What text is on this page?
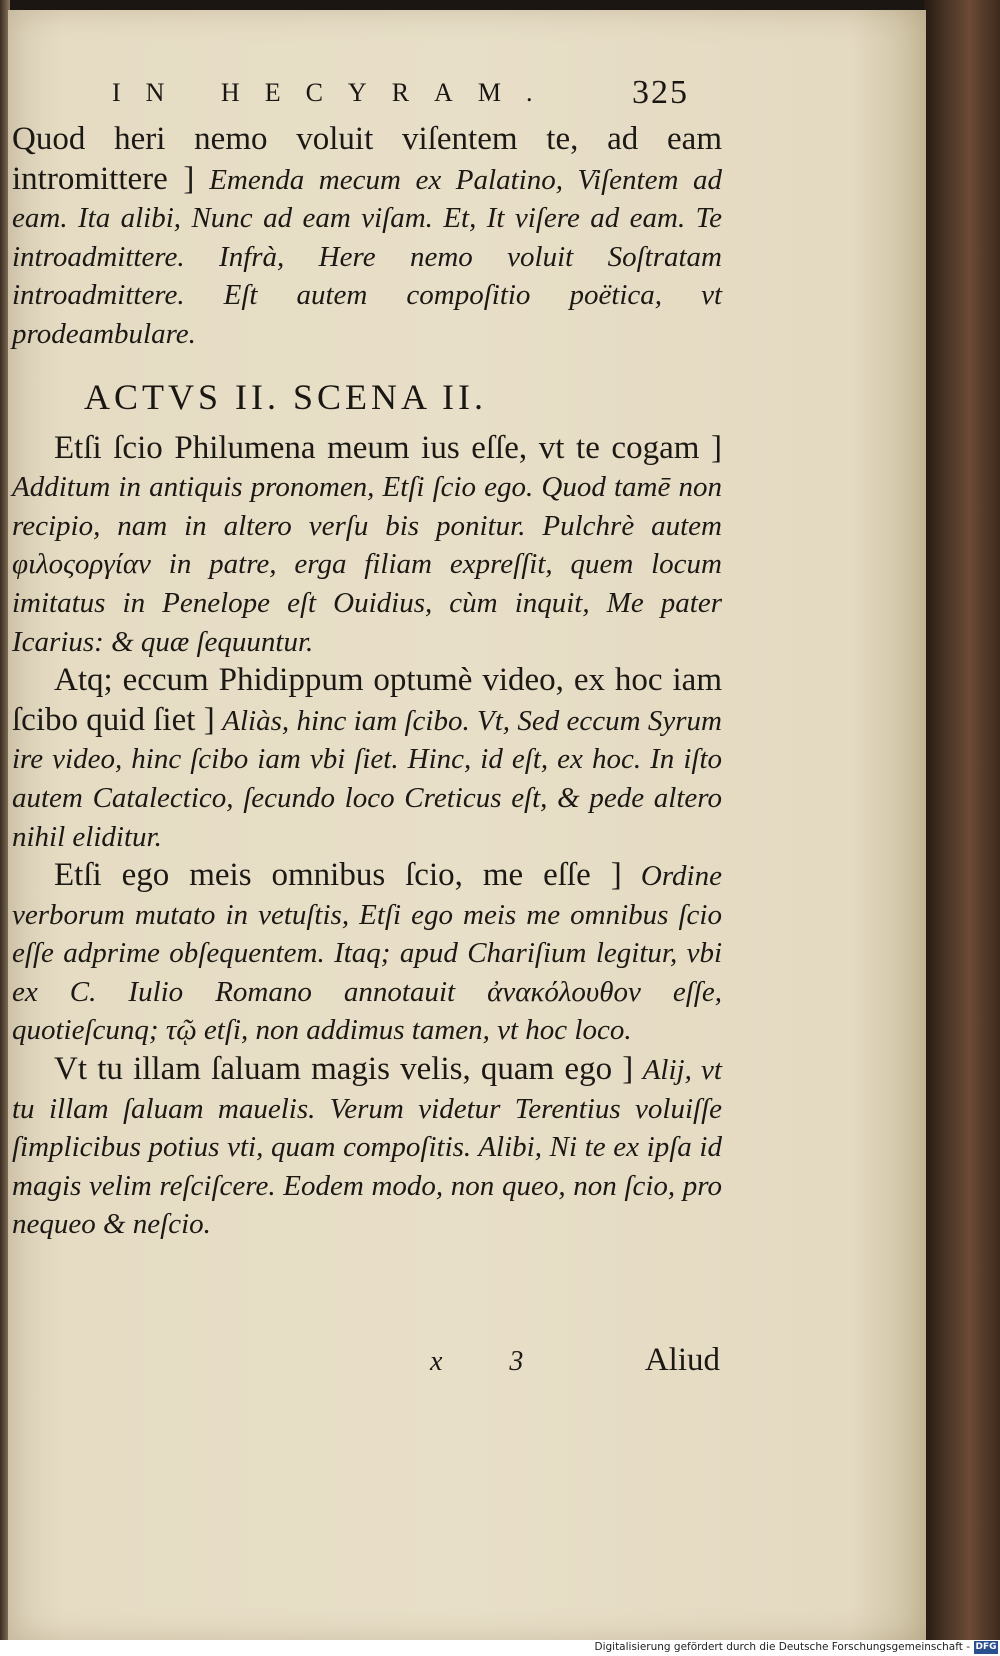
IN HECYRAM.	325

Quod heri nemo voluit viſentem te, ad eam intromittere ] Emenda mecum ex Palatino, Viſentem ad eam. Ita alibi, Nunc ad eam viſam. Et, It viſere ad eam. Te introadmittere. Infrà, Here nemo voluit Soſtratam introadmittere. Eſt autem compoſitio poëtica, vt prodeambulare.

ACTVS II. SCENA II.

Etſi ſcio Philumena meum ius eſſe, vt te cogam ] Additum in antiquis pronomen, Etſi ſcio ego. Quod tamē non recipio, nam in altero verſu bis ponitur. Pulchrè autem φιλοςοργίαν in patre, erga filiam expreſſit, quem locum imitatus in Penelope eſt Ouidius, cùm inquit, Me pater Icarius: & quæ ſequuntur.

Atq; eccum Phidippum optumè video, ex hoc iam ſcibo quid ſiet ] Aliàs, hinc iam ſcibo. Vt, Sed eccum Syrum ire video, hinc ſcibo iam vbi ſiet. Hinc, id eſt, ex hoc. In iſto autem Catalectico, ſecundo loco Creticus eſt, & pede altero nihil eliditur.

Etſi ego meis omnibus ſcio, me eſſe ] Ordine verborum mutato in vetuſtis, Etſi ego meis me omnibus ſcio eſſe adprime obſequentem. Itaq; apud Chariſium legitur, vbi ex C. Iulio Romano annotauit ἀνακόλουθον eſſe, quotieſcunq; τῷ etſi, non addimus tamen, vt hoc loco.

Vt tu illam ſaluam magis velis, quam ego ] Alij, vt tu illam ſaluam mauelis. Verum videtur Terentius voluiſſe ſimplicibus potius vti, quam compoſitis. Alibi, Ni te ex ipſa id magis velim reſciſcere. Eodem modo, non queo, non ſcio, pro nequeo & neſcio.

x 3	Aliud
Digitalisierung gefördert durch die Deutsche Forschungsgemeinschaft - DFG
